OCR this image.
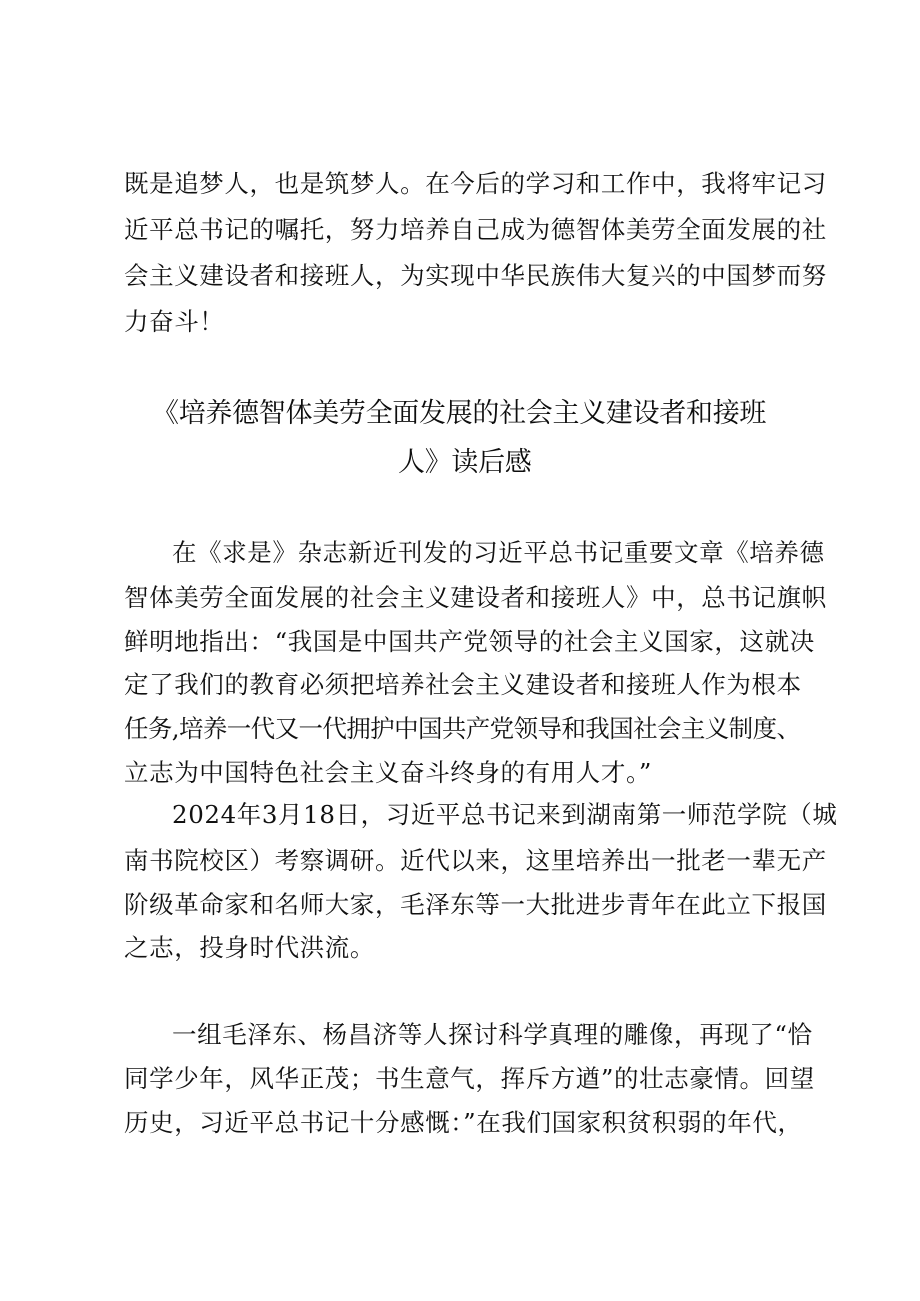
既是追梦人，也是筑梦人。在今后的学习和工作中，我将牢记习
近平总书记的嘱托，努力培养自己成为德智体美劳全面发展的社
会主义建设者和接班人，为实现中华民族伟大复兴的中国梦而努
力奋斗！
《培养德智体美劳全面发展的社会主义建设者和接班
人》读后感
在《求是》杂志新近刊发的习近平总书记重要文章《培养德
智体美劳全面发展的社会主义建设者和接班人》中，总书记旗帜
鲜明地指出：“我国是中国共产党领导的社会主义国家，这就决
定了我们的教育必须把培养社会主义建设者和接班人作为根本
任务,培养一代又一代拥护中国共产党领导和我国社会主义制度、
立志为中国特色社会主义奋斗终身的有用人才。”
2024年3月18日，习近平总书记来到湖南第一师范学院（城
南书院校区）考察调研。近代以来，这里培养出一批老一辈无产
阶级革命家和名师大家，毛泽东等一大批进步青年在此立下报国
之志，投身时代洪流。
一组毛泽东、杨昌济等人探讨科学真理的雕像，再现了“恰
同学少年，风华正茂；书生意气，挥斥方遒”的壮志豪情。回望
历史，习近平总书记十分感慨：”在我们国家积贫积弱的年代，
